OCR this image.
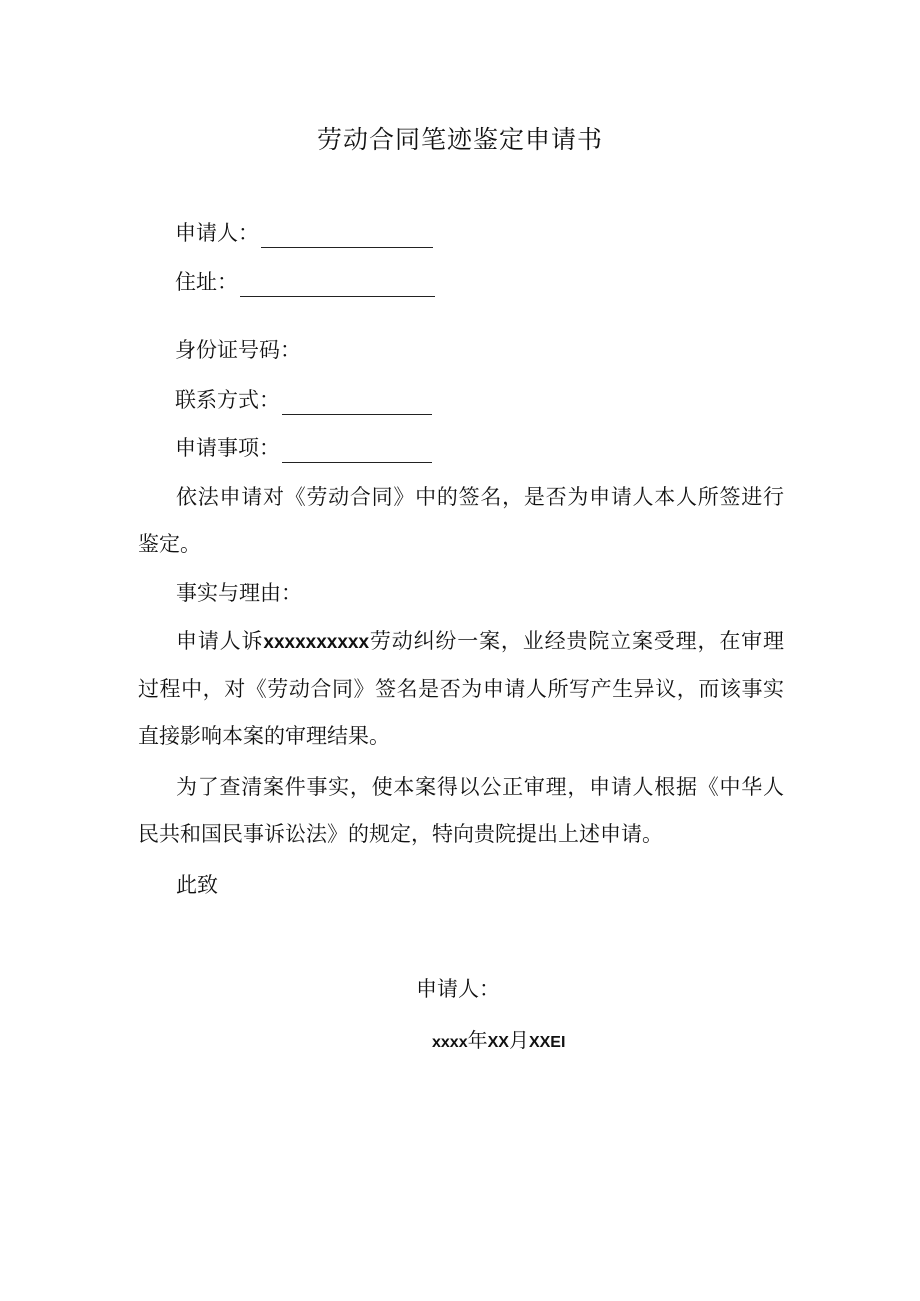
劳动合同笔迹鉴定申请书
申请人：
住址：
身份证号码：
联系方式：
申请事项：
依法申请对《劳动合同》中的签名，是否为申请人本人所签进行鉴定。
事实与理由：
申请人诉xxxxxxxxxx劳动纠纷一案，业经贵院立案受理，在审理过程中，对《劳动合同》签名是否为申请人所写产生异议，而该事实直接影响本案的审理结果。
为了查清案件事实，使本案得以公正审理，申请人根据《中华人民共和国民事诉讼法》的规定，特向贵院提出上述申请。
此致
申请人：
xxxx年XX月XXEI
